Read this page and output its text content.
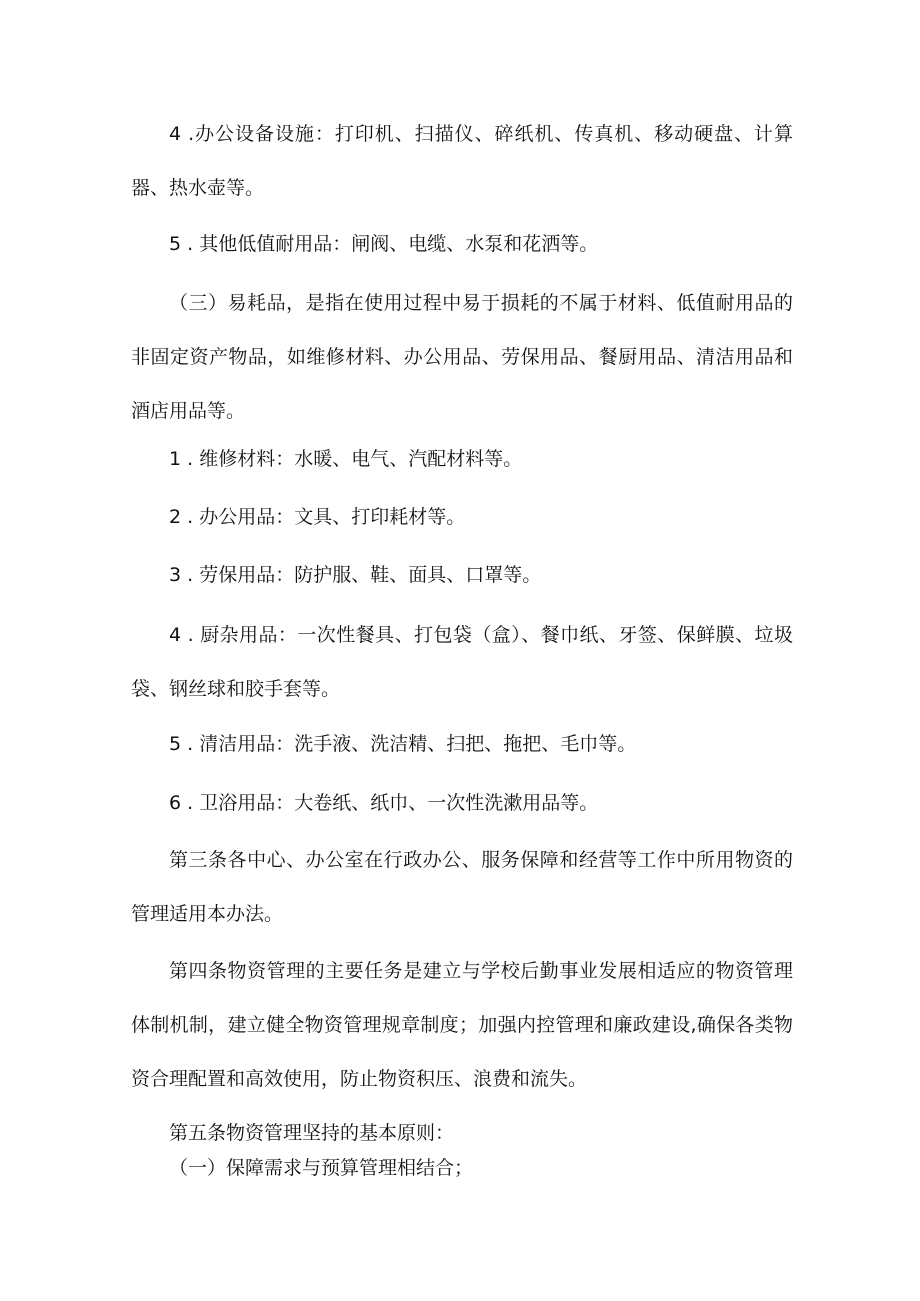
4 .办公设备设施：打印机、扫描仪、碎纸机、传真机、移动硬盘、计算器、热水壶等。

5 . 其他低值耐用品：闸阀、电缆、水泵和花洒等。

（三）易耗品，是指在使用过程中易于损耗的不属于材料、低值耐用品的非固定资产物品，如维修材料、办公用品、劳保用品、餐厨用品、清洁用品和酒店用品等。

1 . 维修材料：水暖、电气、汽配材料等。

2 . 办公用品：文具、打印耗材等。

3 . 劳保用品：防护服、鞋、面具、口罩等。

4 . 厨杂用品：一次性餐具、打包袋（盒）、餐巾纸、牙签、保鲜膜、垃圾袋、钢丝球和胶手套等。

5 . 清洁用品：洗手液、洗洁精、扫把、拖把、毛巾等。

6 . 卫浴用品：大卷纸、纸巾、一次性洗漱用品等。

第三条各中心、办公室在行政办公、服务保障和经营等工作中所用物资的管理适用本办法。

第四条物资管理的主要任务是建立与学校后勤事业发展相适应的物资管理体制机制，建立健全物资管理规章制度；加强内控管理和廉政建设,确保各类物资合理配置和高效使用，防止物资积压、浪费和流失。

第五条物资管理坚持的基本原则：

（一）保障需求与预算管理相结合；
